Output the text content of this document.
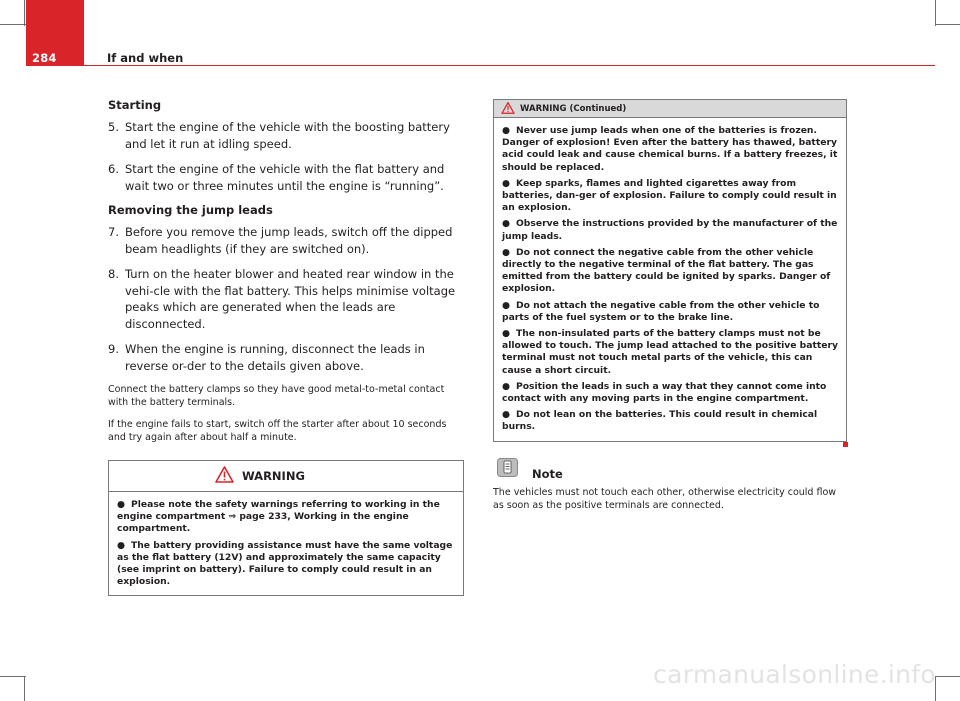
284	If and when
Starting
5. Start the engine of the vehicle with the boosting battery and let it run at idling speed.
6. Start the engine of the vehicle with the flat battery and wait two or three minutes until the engine is “running”.
Removing the jump leads
7. Before you remove the jump leads, switch off the dipped beam headlights (if they are switched on).
8. Turn on the heater blower and heated rear window in the vehi-cle with the flat battery. This helps minimise voltage peaks which are generated when the leads are disconnected.
9. When the engine is running, disconnect the leads in reverse or-der to the details given above.

Connect the battery clamps so they have good metal-to-metal contact with the battery terminals.

If the engine fails to start, switch off the starter after about 10 seconds and try again after about half a minute.

WARNING
● Please note the safety warnings referring to working in the engine compartment ⇒ page 233, Working in the engine compartment.
● The battery providing assistance must have the same voltage as the flat battery (12V) and approximately the same capacity (see imprint on battery). Failure to comply could result in an explosion.
WARNING (Continued)
● Never use jump leads when one of the batteries is frozen. Danger of explosion! Even after the battery has thawed, battery acid could leak and cause chemical burns. If a battery freezes, it should be replaced.
● Keep sparks, flames and lighted cigarettes away from batteries, dan-ger of explosion. Failure to comply could result in an explosion.
● Observe the instructions provided by the manufacturer of the jump leads.
● Do not connect the negative cable from the other vehicle directly to the negative terminal of the flat battery. The gas emitted from the battery could be ignited by sparks. Danger of explosion.
● Do not attach the negative cable from the other vehicle to parts of the fuel system or to the brake line.
● The non-insulated parts of the battery clamps must not be allowed to touch. The jump lead attached to the positive battery terminal must not touch metal parts of the vehicle, this can cause a short circuit.
● Position the leads in such a way that they cannot come into contact with any moving parts in the engine compartment.
● Do not lean on the batteries. This could result in chemical burns.
Note
The vehicles must not touch each other, otherwise electricity could flow as soon as the positive terminals are connected.
carmanualsonline.info
